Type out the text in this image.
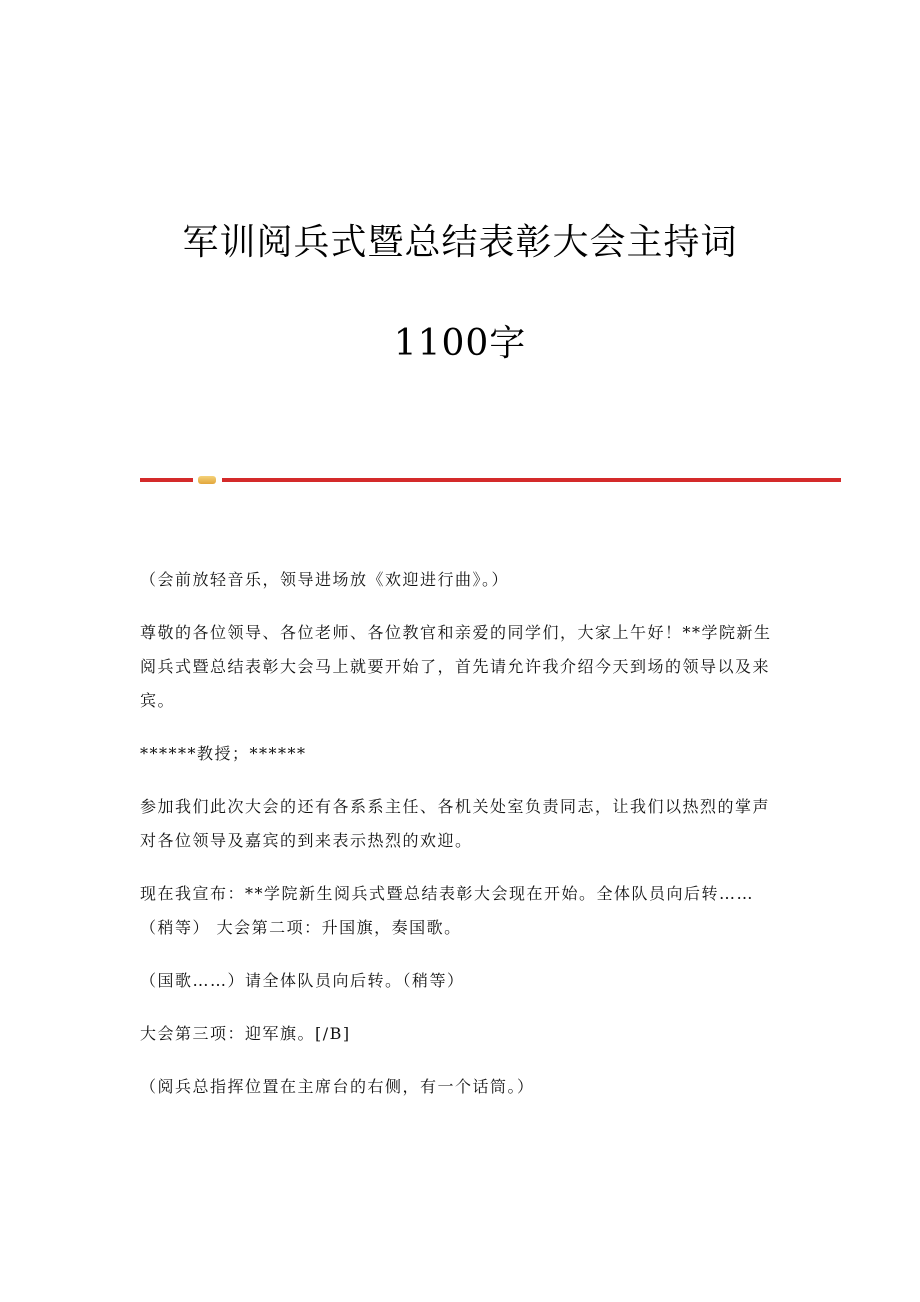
军训阅兵式暨总结表彰大会主持词
1100字

（会前放轻音乐，领导进场放《欢迎进行曲》。）

尊敬的各位领导、各位老师、各位教官和亲爱的同学们，大家上午好！**学院新生阅兵式暨总结表彰大会马上就要开始了，首先请允许我介绍今天到场的领导以及来宾。

******教授；******

参加我们此次大会的还有各系系主任、各机关处室负责同志，让我们以热烈的掌声对各位领导及嘉宾的到来表示热烈的欢迎。

现在我宣布：**学院新生阅兵式暨总结表彰大会现在开始。全体队员向后转……（稍等） 大会第二项：升国旗，奏国歌。

（国歌……）请全体队员向后转。（稍等）

大会第三项：迎军旗。[/B]

（阅兵总指挥位置在主席台的右侧，有一个话筒。）
